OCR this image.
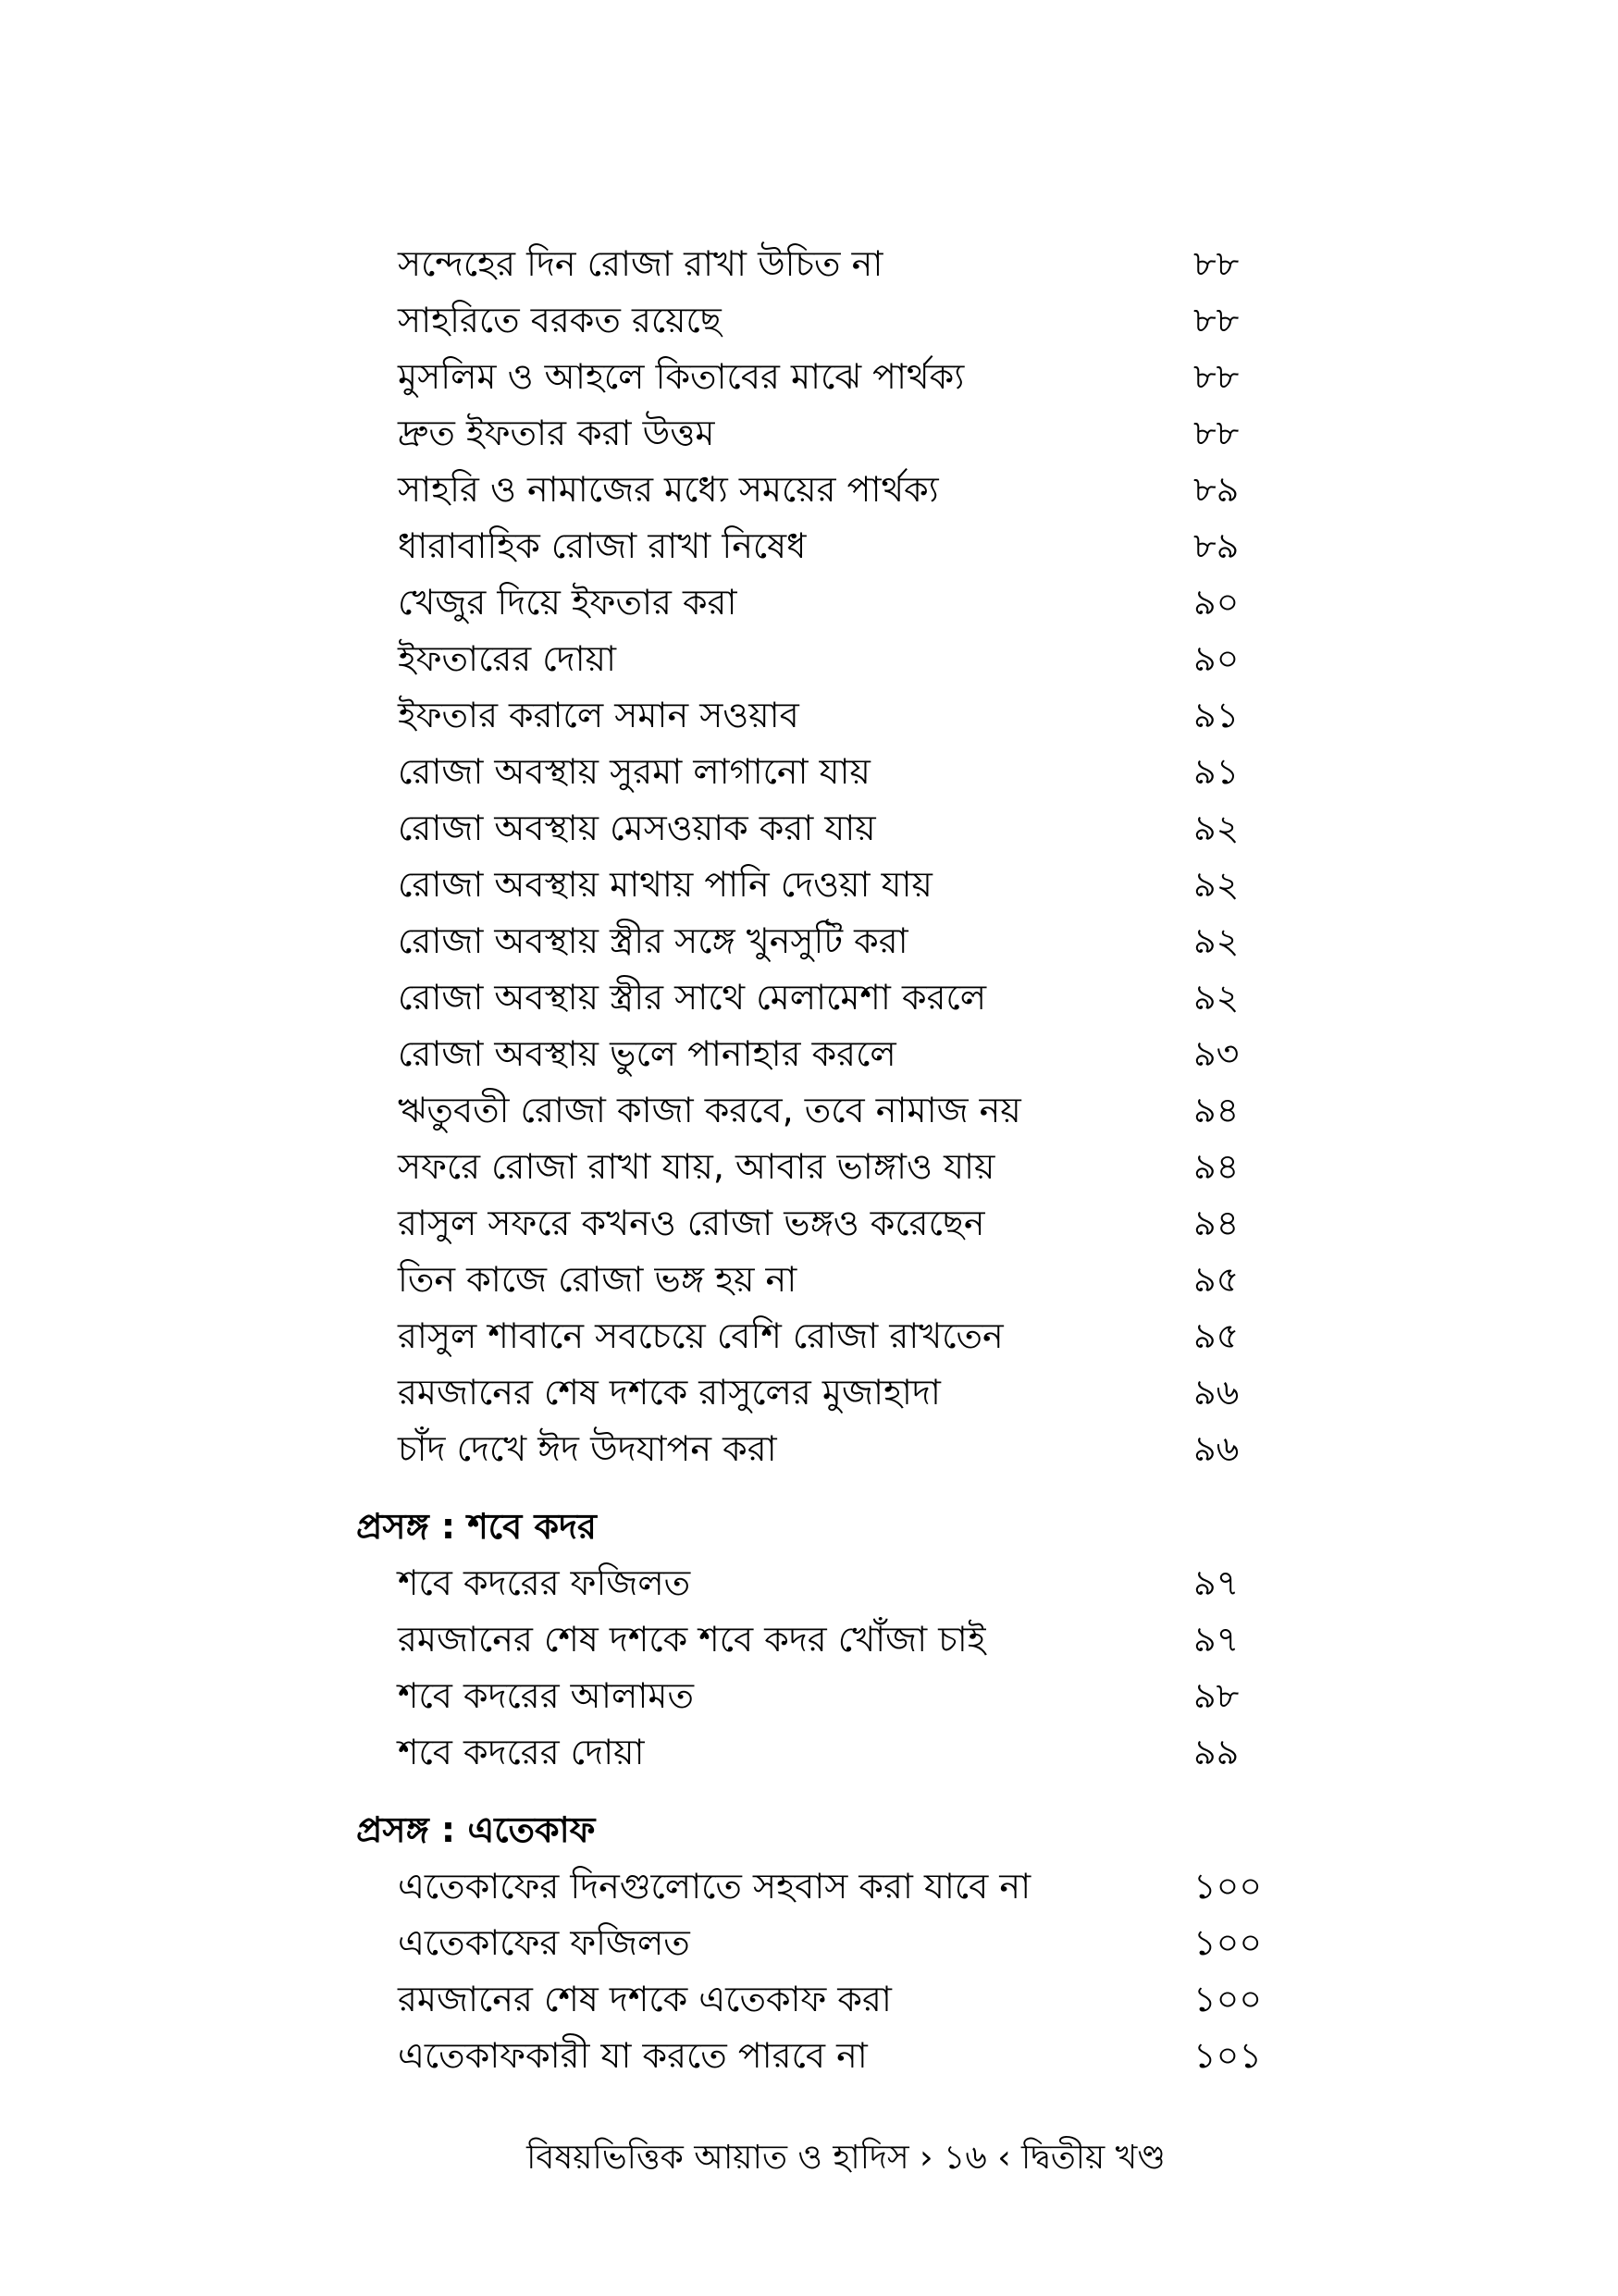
সন্দেহের দিন রোজা রাখা উচিত না	৮৮
সাহরিতে বরকত রয়েছে	৮৮
মুসলিম ও আহলে কিতাবের মাঝে পার্থক্য	৮৮
দ্রুত ইফতার করা উত্তম	৮৮
সাহরি ও নামাজের মধ্যে সময়ের পার্থক্য	৮৯
ধারাবাহিক রোজা রাখা নিষেধ	৮৯
খেজুর দিয়ে ইফতার করা	৯০
ইফতারের দোয়া	৯০
ইফতার করালে সমান সওয়াব	৯১
রোজা অবস্থায় সুরমা লাগানো যায়	৯১
রোজা অবস্থায় মেসওয়াক করা যায়	৯২
রোজা অবস্থায় মাথায় পানি দেওয়া যায়	৯২
রোজা অবস্থায় স্ত্রীর সঙ্গে খুনসুটি করা	৯২
রোজা অবস্থায় স্ত্রীর সাথে মেলামেশা করলে	৯২
রোজা অবস্থায় ভুলে পানাহার করলে	৯৩
ঋতুবতী রোজা কাজা করবে, তবে নামাজ নয়	৯৪
সফরে রোজা রাখা যায়, আবার ভাঙ্গাও যায়	৯৪
রাসুল সফরে কখনও রোজা ভঙ্গও করেছেন	৯৪
তিন কাজে রোজা ভঙ্গ হয় না	৯৫
রাসুল শাবানে সবচেয়ে বেশি রোজা রাখতেন	৯৫
রমজানের শেষ দশকে রাসুলের মুজাহাদা	৯৬
চাঁদ দেখে ঈদ উদযাপন করা	৯৬
প্রসঙ্গ : শবে কদর
শবে কদরের ফজিলত	৯৭
রমজানের শেষ দশকে শবে কদর খোঁজা চাই	৯৭
শবে কদরের আলামত	৯৮
শবে কদরের দোয়া	৯৯
প্রসঙ্গ : এতেকাফ
এতেকাফের দিনগুলোতে সহবাস করা যাবে না	১০০
এতেকাফের ফজিলত	১০০
রমজানের শেষ দশকে এতেকাফ করা	১০০
এতেকাফকারী যা করতে পারবে না	১০১
বিষয়ভিত্তিক আয়াত ও হাদিস › ১৬ ‹ দ্বিতীয় খণ্ড
